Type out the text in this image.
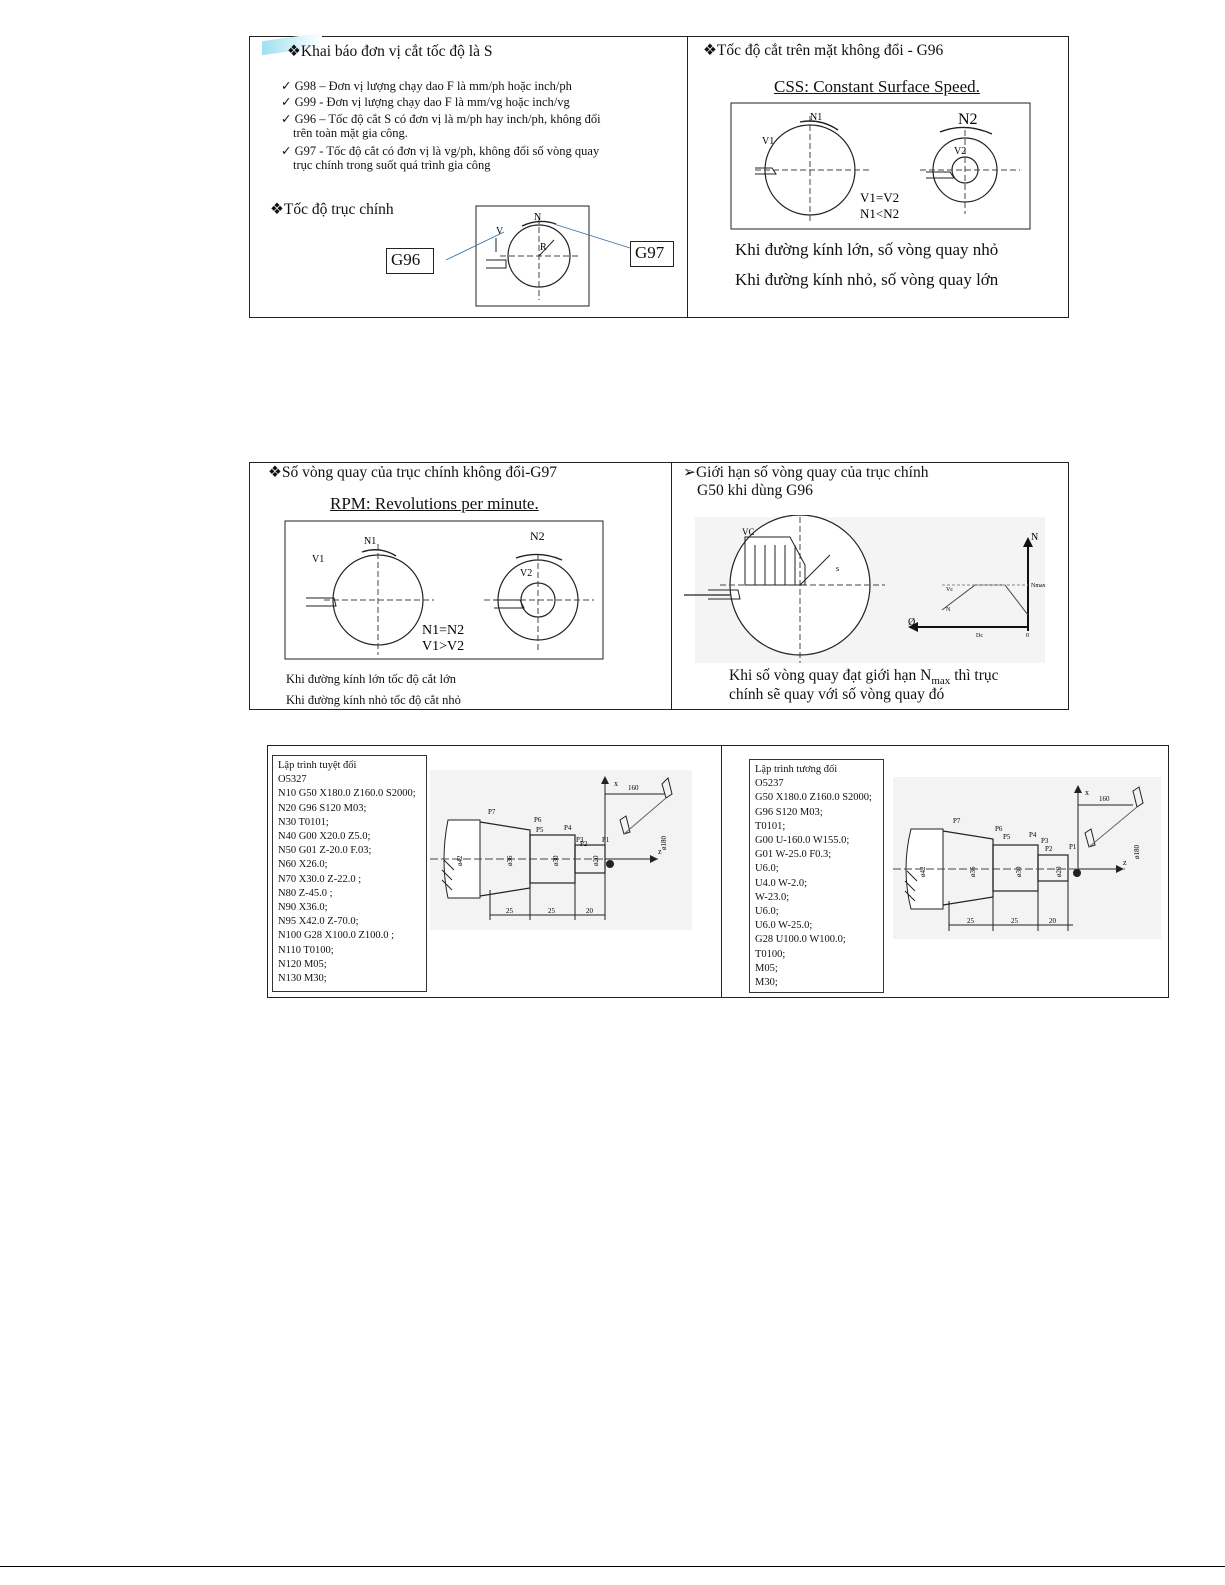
❖Khai báo đơn vị cắt tốc độ là S
✓ G98 – Đơn vị lượng chạy dao F là mm/ph hoặc inch/ph
✓ G99 - Đơn vị lượng chạy dao F là mm/vg hoặc inch/vg
✓ G96 – Tốc độ cắt S có đơn vị là m/ph hay inch/ph, không đổi
trên toàn mặt gia công.
✓ G97 - Tốc độ cắt có đơn vị là vg/ph, không đổi số vòng quay
trục chính trong suốt quá trình gia công
❖Tốc độ trục chính
G96	G97
V
N
R
❖Tốc độ cắt trên mặt không đổi - G96
CSS: Constant Surface Speed.
N1
V1
N2
V2
V1=V2
N1<N2
Khi đường kính lớn, số vòng quay nhỏ
Khi đường kính nhỏ, số vòng quay lớn
❖Số vòng quay của trục chính không đổi-G97
RPM: Revolutions per minute.
N1
V1
N2
V2
N1=N2
V1>V2
Khi đường kính lớn tốc độ cắt lớn
Khi đường kính nhỏ tốc độ cắt nhỏ
➢Giới hạn số vòng quay của trục chính
G50 khi dùng G96
VC	N
Nmax
Ø
s
Vc
N
Dc	0
Khi số vòng quay đạt giới hạn $N_{max}$ thì trục
chính sẽ quay với số vòng quay đó
Lập trình tuyệt đối
O5327
N10 G50 X180.0 Z160.0 S2000;
N20 G96 S120 M03;
N30 T0101;
N40 G00 X20.0 Z5.0;
N50 G01 Z-20.0 F.03;
N60 X26.0;
N70 X30.0 Z-22.0 ;
N80 Z-45.0 ;
N90 X36.0;
N95 X42.0 Z-70.0;
N100 G28 X100.0 Z100.0 ;
N110 T0100;
N120 M05;
N130 M30;
Lập trình tương đối
O5237
G50 X180.0 Z160.0 S2000;
G96 S120 M03;
T0101;
G00 U-160.0 W155.0;
G01 W-25.0 F0.3;
U6.0;
U4.0 W-2.0;
W-23.0;
U6.0;
U6.0 W-25.0;
G28 U100.0 W100.0;
T0100;
M05;
M30;
P7
P6
P5	P4
P3
P2 P1
ø42	ø36	ø30	ø20
ø180
25	25	20
160
x
z
P7
P6
P5	P4
P3
P2 P1
ø42	ø36	ø30	ø20
ø180
25	25	20
160
x
z
